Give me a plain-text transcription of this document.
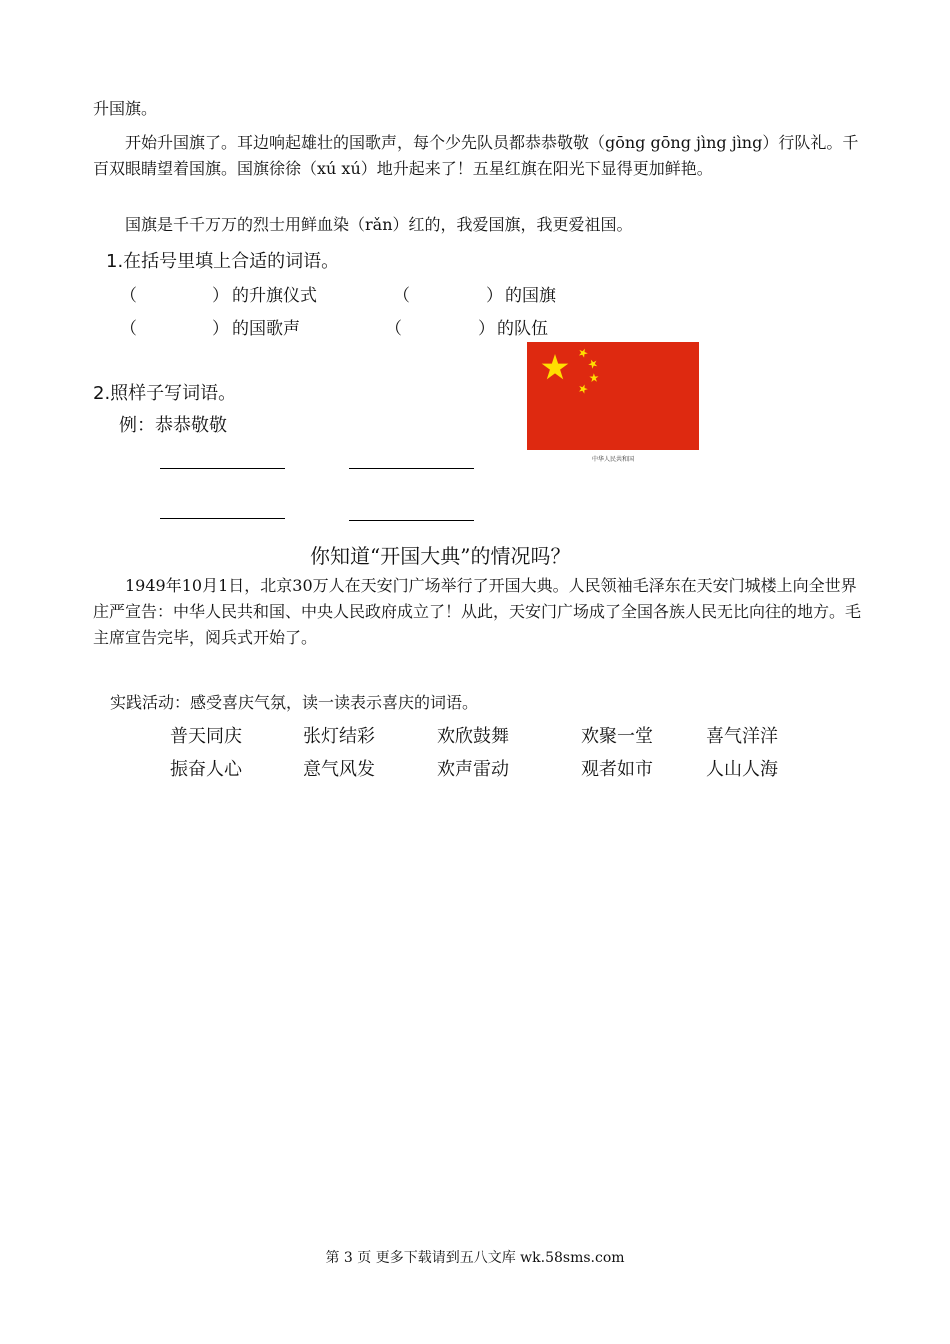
升国旗。
开始升国旗了。耳边响起雄壮的国歌声，每个少先队员都恭恭敬敬（gōng gōng jìng jìng）行队礼。千百双眼睛望着国旗。国旗徐徐（xú xú）地升起来了！五星红旗在阳光下显得更加鲜艳。
国旗是千千万万的烈士用鲜血染（rǎn）红的，我爱国旗，我更爱祖国。
1.在括号里填上合适的词语。
（	） 的升旗仪式	（	） 的国旗
（	） 的国歌声	（	） 的队伍
中华人民共和国
2.照样子写词语。
例：恭恭敬敬
你知道“开国大典”的情况吗？
1949年10月1日，北京30万人在天安门广场举行了开国大典。人民领袖毛泽东在天安门城楼上向全世界庄严宣告：中华人民共和国、中央人民政府成立了！从此，天安门广场成了全国各族人民无比向往的地方。毛主席宣告完毕，阅兵式开始了。
实践活动：感受喜庆气氛，读一读表示喜庆的词语。
普天同庆	张灯结彩	欢欣鼓舞	欢聚一堂	喜气洋洋
振奋人心	意气风发	欢声雷动	观者如市	人山人海
第 3 页 更多下载请到五八文库 wk.58sms.com
